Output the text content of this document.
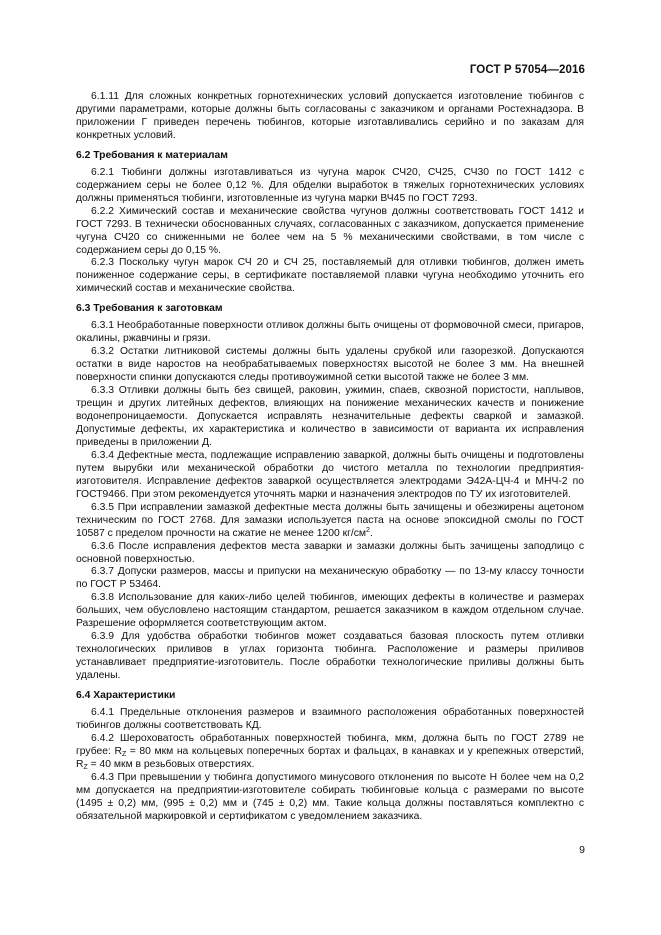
ГОСТ Р 57054—2016

6.1.11 Для сложных конкретных горнотехнических условий допускается изготовление тюбингов с другими параметрами, которые должны быть согласованы с заказчиком и органами Ростехнадзора. В приложении Г приведен перечень тюбингов, которые изготавливались серийно и по заказам для конкретных условий.

6.2 Требования к материалам

6.2.1 Тюбинги должны изготавливаться из чугуна марок СЧ20, СЧ25, СЧ30 по ГОСТ 1412 с содержанием серы не более 0,12 %. Для обделки выработок в тяжелых горнотехнических условиях должны применяться тюбинги, изготовленные из чугуна марки ВЧ45 по ГОСТ 7293.

6.2.2 Химический состав и механические свойства чугунов должны соответствовать ГОСТ 1412 и ГОСТ 7293. В технически обоснованных случаях, согласованных с заказчиком, допускается применение чугуна СЧ20 со сниженными не более чем на 5 % механическими свойствами, в том числе с содержанием серы до 0,15 %.

6.2.3 Поскольку чугун марок СЧ 20 и СЧ 25, поставляемый для отливки тюбингов, должен иметь пониженное содержание серы, в сертификате поставляемой плавки чугуна необходимо уточнить его химический состав и механические свойства.

6.3 Требования к заготовкам

6.3.1 Необработанные поверхности отливок должны быть очищены от формовочной смеси, пригаров, окалины, ржавчины и грязи.

6.3.2 Остатки литниковой системы должны быть удалены срубкой или газорезкой. Допускаются остатки в виде наростов на необрабатываемых поверхностях высотой не более 3 мм. На внешней поверхности спинки допускаются следы противоужимной сетки высотой также не более 3 мм.

6.3.3 Отливки должны быть без свищей, раковин, ужимин, спаев, сквозной пористости, наплывов, трещин и других литейных дефектов, влияющих на понижение механических качеств и понижение водонепроницаемости. Допускается исправлять незначительные дефекты сваркой и замазкой. Допустимые дефекты, их характеристика и количество в зависимости от варианта их исправления приведены в приложении Д.

6.3.4 Дефектные места, подлежащие исправлению заваркой, должны быть очищены и подготовлены путем вырубки или механической обработки до чистого металла по технологии предприятия-изготовителя. Исправление дефектов заваркой осуществляется электродами Э42А-ЦЧ-4 и МНЧ-2 по ГОСТ9466. При этом рекомендуется уточнять марки и назначения электродов по ТУ их изготовителей.

6.3.5 При исправлении замазкой дефектные места должны быть зачищены и обезжирены ацетоном техническим по ГОСТ 2768. Для замазки используется паста на основе эпоксидной смолы по ГОСТ 10587 с пределом прочности на сжатие не менее 1200 $кг/см^2$.

6.3.6 После исправления дефектов места заварки и замазки должны быть зачищены заподлицо с основной поверхностью.

6.3.7 Допуски размеров, массы и припуски на механическую обработку — по 13-му классу точности по ГОСТ Р 53464.

6.3.8 Использование для каких-либо целей тюбингов, имеющих дефекты в количестве и размерах больших, чем обусловлено настоящим стандартом, решается заказчиком в каждом отдельном случае. Разрешение оформляется соответствующим актом.

6.3.9 Для удобства обработки тюбингов может создаваться базовая плоскость путем отливки технологических приливов в углах горизонта тюбинга. Расположение и размеры приливов устанавливает предприятие-изготовитель. После обработки технологические приливы должны быть удалены.

6.4 Характеристики

6.4.1 Предельные отклонения размеров и взаимного расположения обработанных поверхностей тюбингов должны соответствовать КД.

6.4.2 Шероховатость обработанных поверхностей тюбинга, мкм, должна быть по ГОСТ 2789 не грубее: $R_Z = 80$ мкм на кольцевых поперечных бортах и фальцах, в канавках и у крепежных отверстий, $R_Z = 40$ мкм в резьбовых отверстиях.

6.4.3 При превышении у тюбинга допустимого минусового отклонения по высоте Н более чем на 0,2 мм допускается на предприятии-изготовителе собирать тюбинговые кольца с размерами по высоте (1495 ± 0,2) мм, (995 ± 0,2) мм и (745 ± 0,2) мм. Такие кольца должны поставляться комплектно с обязательной маркировкой и сертификатом с уведомлением заказчика.

9
